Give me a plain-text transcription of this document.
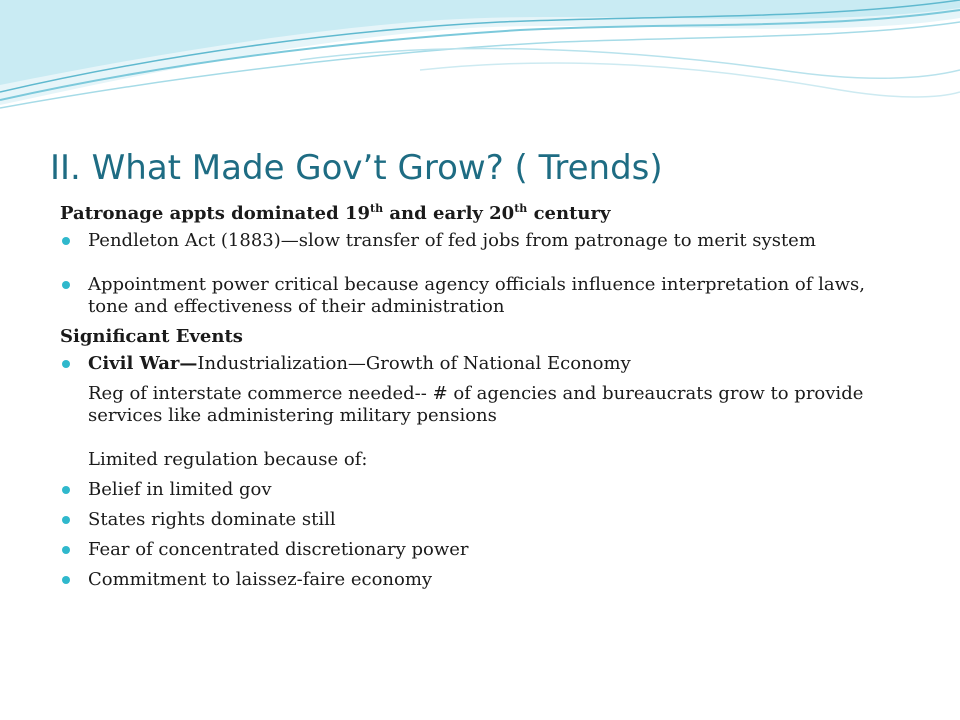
II. What Made Gov’t Grow? ( Trends)

Patronage appts dominated 19th and early 20th century

Pendleton Act (1883)—slow transfer of fed jobs from patronage to merit system

Appointment power critical because agency officials influence interpretation of laws, tone and effectiveness of their administration

Significant Events

Civil War—Industrialization—Growth of National Economy

Reg of interstate commerce needed-- # of agencies and bureaucrats grow to provide services like administering military pensions

Limited regulation because of:

Belief in limited gov

States rights dominate still

Fear of concentrated discretionary power

Commitment to laissez-faire economy
